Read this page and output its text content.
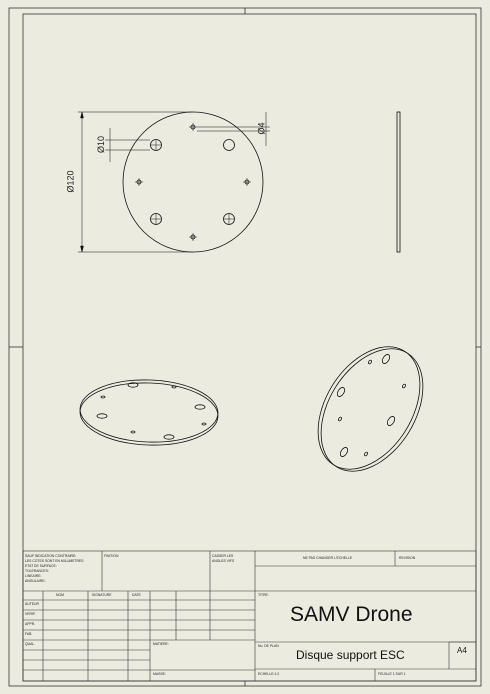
Ø120
Ø10
Ø4
SAUF INDICATION CONTRAIRE:
LES COTES SONT EN MILLIMETRES
ETAT DE SURFACE:
TOLERANCES:
LINEAIRE:
ANGULAIRE:
FINITION	CASSER LES
ANGLES VIFS
NE PAS CHANGER L'ECHELLE	REVISION
NOM	SIGNATURE	DATE
AUTEUR
VERIF.
APPR.
FAB.
QUAL.	MATIERE:
MASSE:
TITRE:
No. DE PLAN
ECHELLE:1:2	FEUILLE 1 SUR 1
SAMV Drone
Disque support ESC	A4
